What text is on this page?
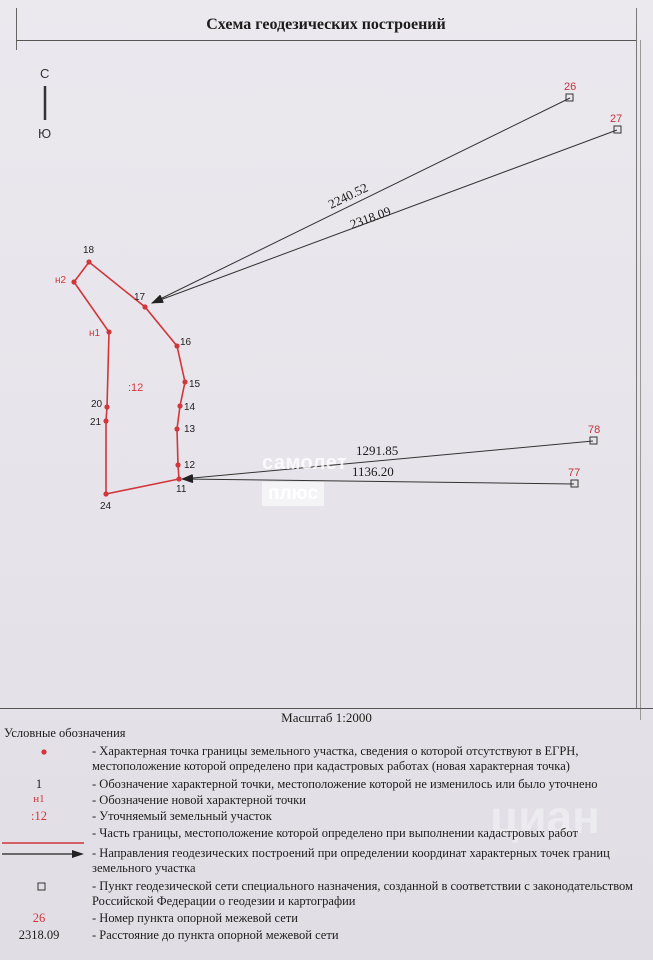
Схема геодезических построений
С
Ю
2240.52
2318.09
1291.85
1136.20
26
27
78
77
18
н2
17
н1
16
15
20	14
21
13
12
11
24
:12
самолет
плюс
циан
Масштаб 1:2000
Условные обозначения
- Характерная точка границы земельного участка, сведения о которой отсутствуют в ЕГРН, местоположение которой определено при кадастровых работах (новая характерная точка)
1	- Обозначение характерной точки, местоположение которой не изменилось или было уточнено
н1	- Обозначение новой характерной точки
:12	- Уточняемый земельный участок
- Часть границы, местоположение которой определено при выполнении кадастровых работ
- Направления геодезических построений при определении координат характерных точек границ земельного участка
- Пункт геодезической сети специального назначения, созданной в соответствии с законодательством Российской Федерации о геодезии и картографии
26	- Номер пункта опорной межевой сети
2318.09	- Расстояние до пункта опорной межевой сети
